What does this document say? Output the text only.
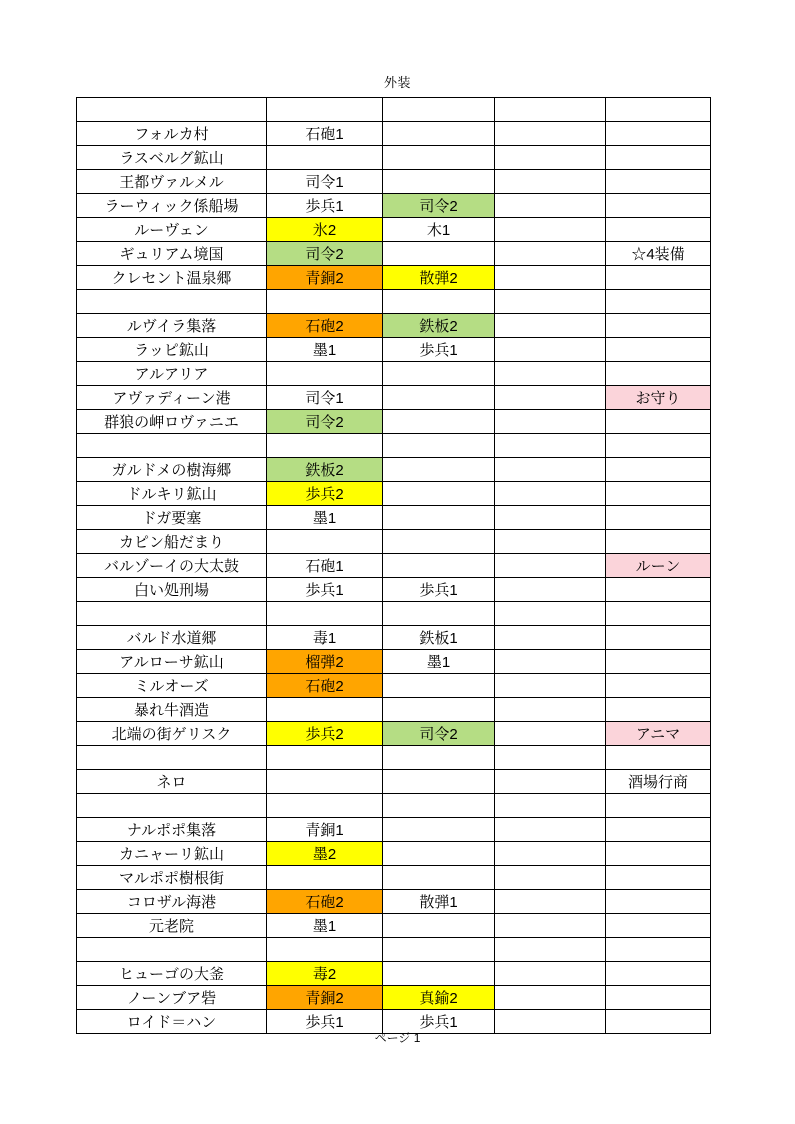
外装

フォルカ村	石砲1			
ラスベルグ鉱山				
王都ヴァルメル	司令1			
ラーウィック係船場	歩兵1	司令2		
ルーヴェン	氷2	木1		
ギュリアム境国	司令2			☆4装備
クレセント温泉郷	青銅2	散弾2		

ルヴイラ集落	石砲2	鉄板2		
ラッピ鉱山	墨1	歩兵1		
アルアリア				
アヴァディーン港	司令1			お守り
群狼の岬ロヴァニエ	司令2			

ガルドメの樹海郷	鉄板2			
ドルキリ鉱山	歩兵2			
ドガ要塞	墨1			
カピン船だまり				
バルゾーイの大太鼓	石砲1			ルーン
白い処刑場	歩兵1	歩兵1		

バルド水道郷	毒1	鉄板1		
アルローサ鉱山	榴弾2	墨1		
ミルオーズ	石砲2			
暴れ牛酒造				
北端の街ゲリスク	歩兵2	司令2		アニマ

ネロ				酒場行商

ナルポポ集落	青銅1			
カニャーリ鉱山	墨2			
マルポポ樹根街				
コロザル海港	石砲2	散弾1		
元老院	墨1			

ヒューゴの大釜	毒2			
ノーンブア砦	青銅2	真鍮2		
ロイド＝ハン	歩兵1	歩兵1		
ページ 1
